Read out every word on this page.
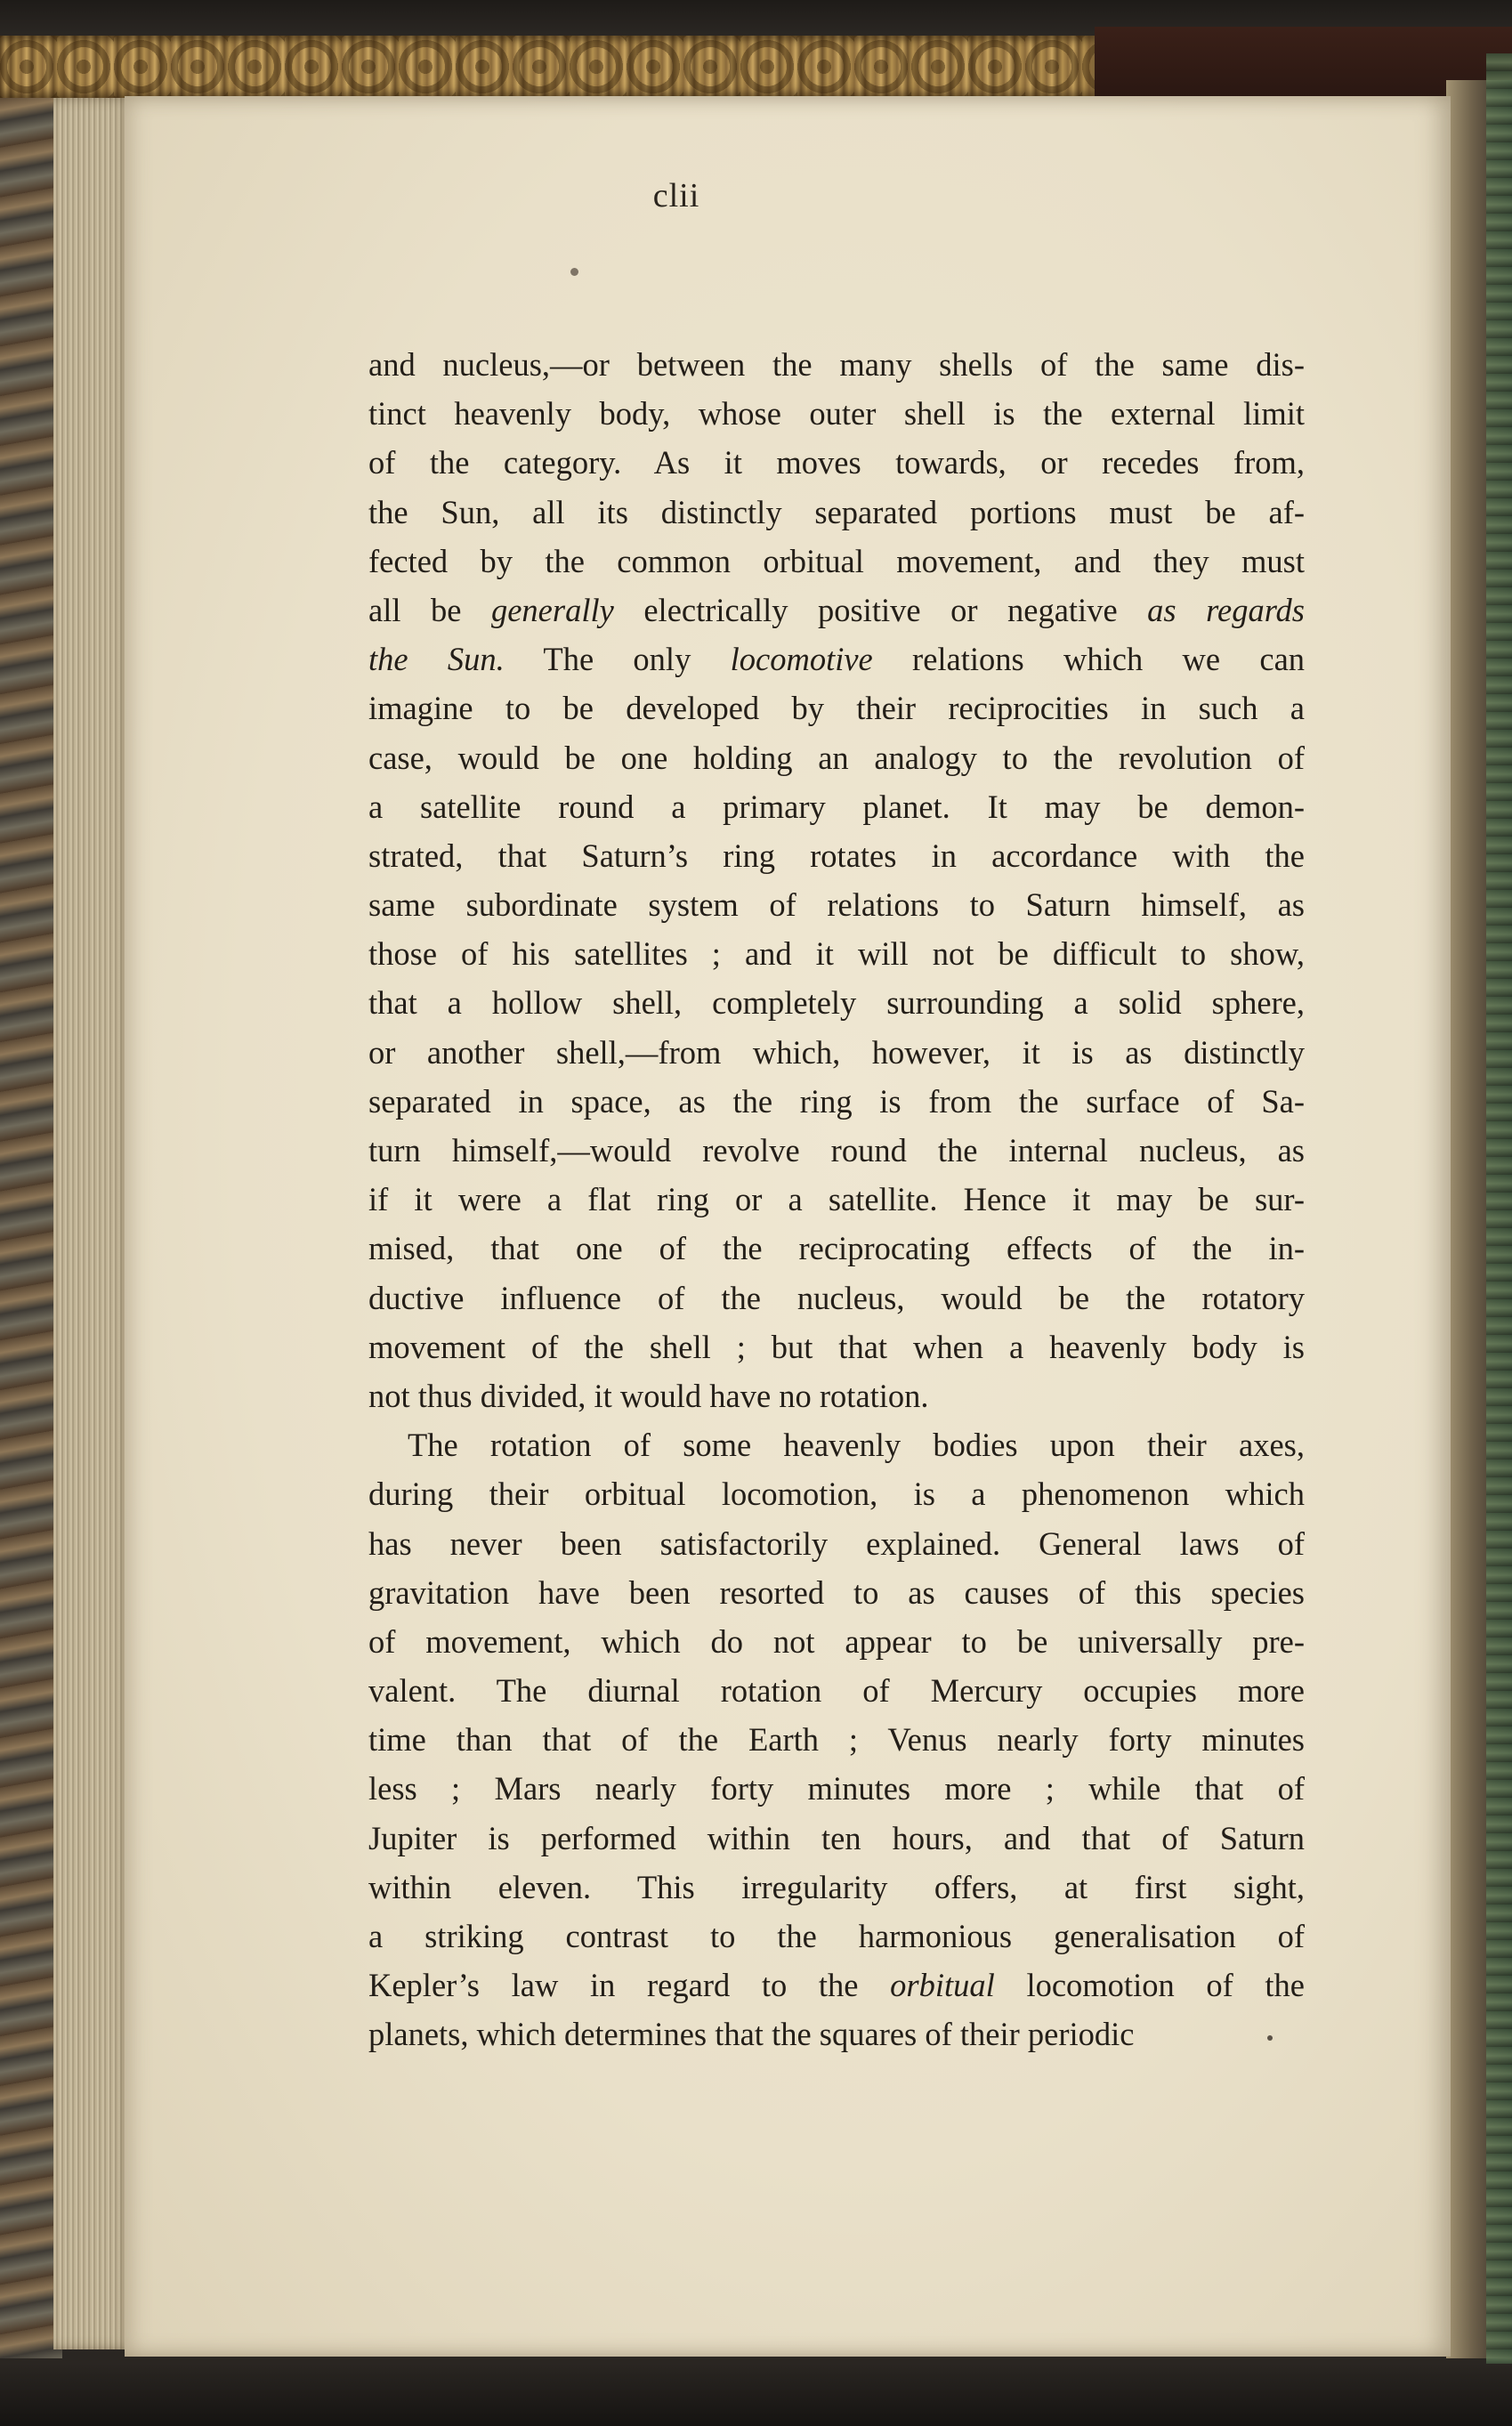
clii
and nucleus,—or between the many shells of the same dis-
tinct heavenly body, whose outer shell is the external limit
of the category. As it moves towards, or recedes from,
the Sun, all its distinctly separated portions must be af-
fected by the common orbitual movement, and they must
all be generally electrically positive or negative as regards
the Sun. The only locomotive relations which we can
imagine to be developed by their reciprocities in such a
case, would be one holding an analogy to the revolution of
a satellite round a primary planet. It may be demon-
strated, that Saturn’s ring rotates in accordance with the
same subordinate system of relations to Saturn himself, as
those of his satellites ; and it will not be difficult to show,
that a hollow shell, completely surrounding a solid sphere,
or another shell,—from which, however, it is as distinctly
separated in space, as the ring is from the surface of Sa-
turn himself,—would revolve round the internal nucleus, as
if it were a flat ring or a satellite. Hence it may be sur-
mised, that one of the reciprocating effects of the in-
ductive influence of the nucleus, would be the rotatory
movement of the shell ; but that when a heavenly body is
not thus divided, it would have no rotation.
The rotation of some heavenly bodies upon their axes,
during their orbitual locomotion, is a phenomenon which
has never been satisfactorily explained. General laws of
gravitation have been resorted to as causes of this species
of movement, which do not appear to be universally pre-
valent. The diurnal rotation of Mercury occupies more
time than that of the Earth ; Venus nearly forty minutes
less ; Mars nearly forty minutes more ; while that of
Jupiter is performed within ten hours, and that of Saturn
within eleven. This irregularity offers, at first sight,
a striking contrast to the harmonious generalisation of
Kepler’s law in regard to the orbitual locomotion of the
planets, which determines that the squares of their periodic
